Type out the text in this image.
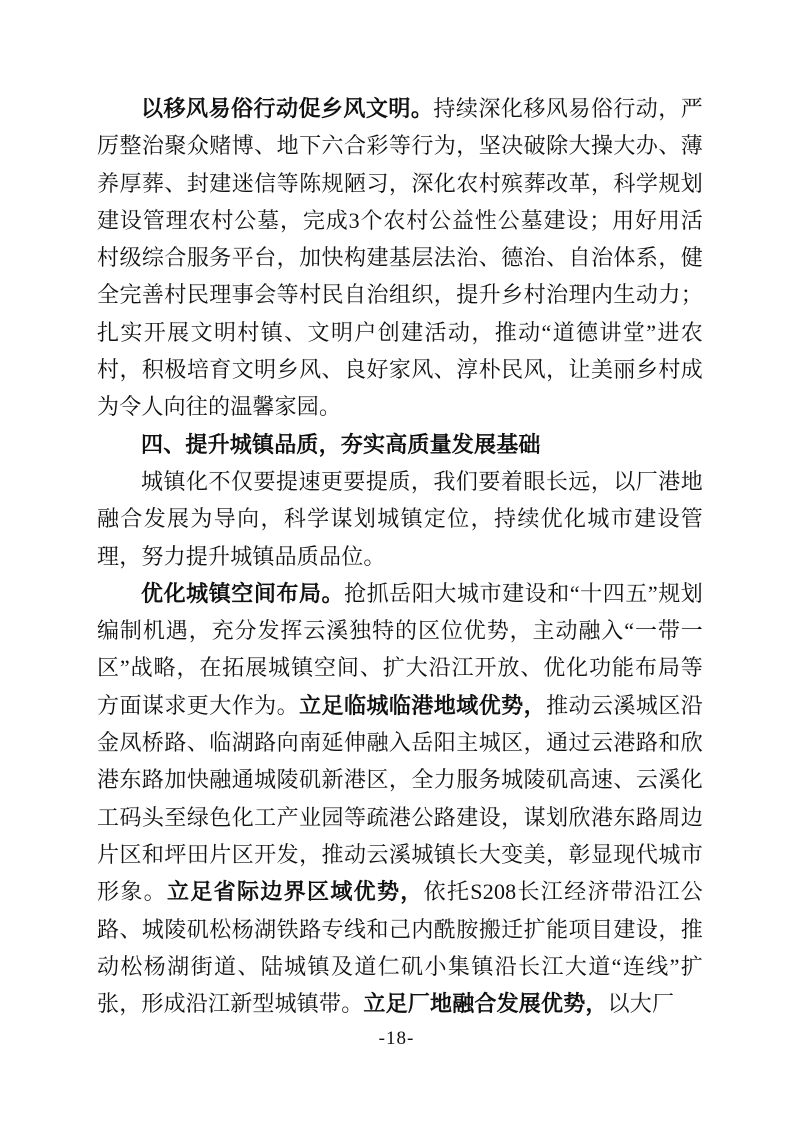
以移风易俗行动促乡风文明。持续深化移风易俗行动，严厉整治聚众赌博、地下六合彩等行为，坚决破除大操大办、薄养厚葬、封建迷信等陈规陋习，深化农村殡葬改革，科学规划建设管理农村公墓，完成3个农村公益性公墓建设；用好用活村级综合服务平台，加快构建基层法治、德治、自治体系，健全完善村民理事会等村民自治组织，提升乡村治理内生动力；扎实开展文明村镇、文明户创建活动，推动“道德讲堂”进农村，积极培育文明乡风、良好家风、淳朴民风，让美丽乡村成为令人向往的温馨家园。

四、提升城镇品质，夯实高质量发展基础

城镇化不仅要提速更要提质，我们要着眼长远，以厂港地融合发展为导向，科学谋划城镇定位，持续优化城市建设管理，努力提升城镇品质品位。

优化城镇空间布局。抢抓岳阳大城市建设和“十四五”规划编制机遇，充分发挥云溪独特的区位优势，主动融入“一带一区”战略，在拓展城镇空间、扩大沿江开放、优化功能布局等方面谋求更大作为。立足临城临港地域优势，推动云溪城区沿金凤桥路、临湖路向南延伸融入岳阳主城区，通过云港路和欣港东路加快融通城陵矶新港区，全力服务城陵矶高速、云溪化工码头至绿色化工产业园等疏港公路建设，谋划欣港东路周边片区和坪田片区开发，推动云溪城镇长大变美，彰显现代城市形象。立足省际边界区域优势，依托S208长江经济带沿江公路、城陵矶松杨湖铁路专线和己内酰胺搬迁扩能项目建设，推动松杨湖街道、陆城镇及道仁矶小集镇沿长江大道“连线”扩张，形成沿江新型城镇带。立足厂地融合发展优势，以大厂

-18-
